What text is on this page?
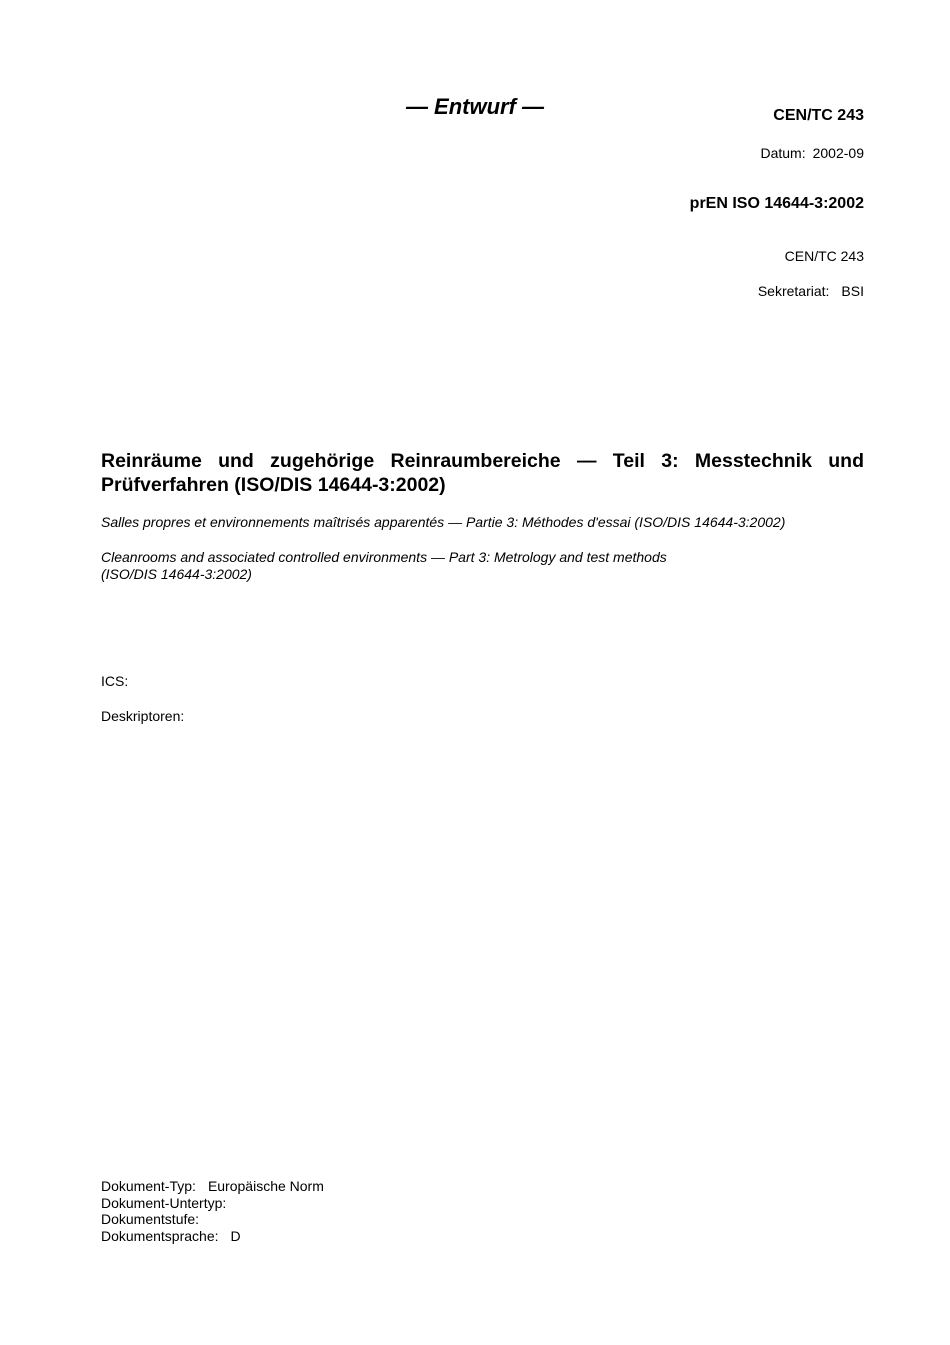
— Entwurf —	CEN/TC 243
Datum: 2002-09
prEN ISO 14644-3:2002
CEN/TC 243
Sekretariat: BSI
Reinräume und zugehörige Reinraumbereiche — Teil 3: Messtechnik und Prüfverfahren (ISO/DIS 14644-3:2002)
Salles propres et environnements maîtrisés apparentés — Partie 3: Méthodes d'essai (ISO/DIS 14644-3:2002)
Cleanrooms and associated controlled environments — Part 3: Metrology and test methods
(ISO/DIS 14644-3:2002)
ICS:
Deskriptoren:
Dokument-Typ: Europäische Norm
Dokument-Untertyp:
Dokumentstufe:
Dokumentsprache: D
